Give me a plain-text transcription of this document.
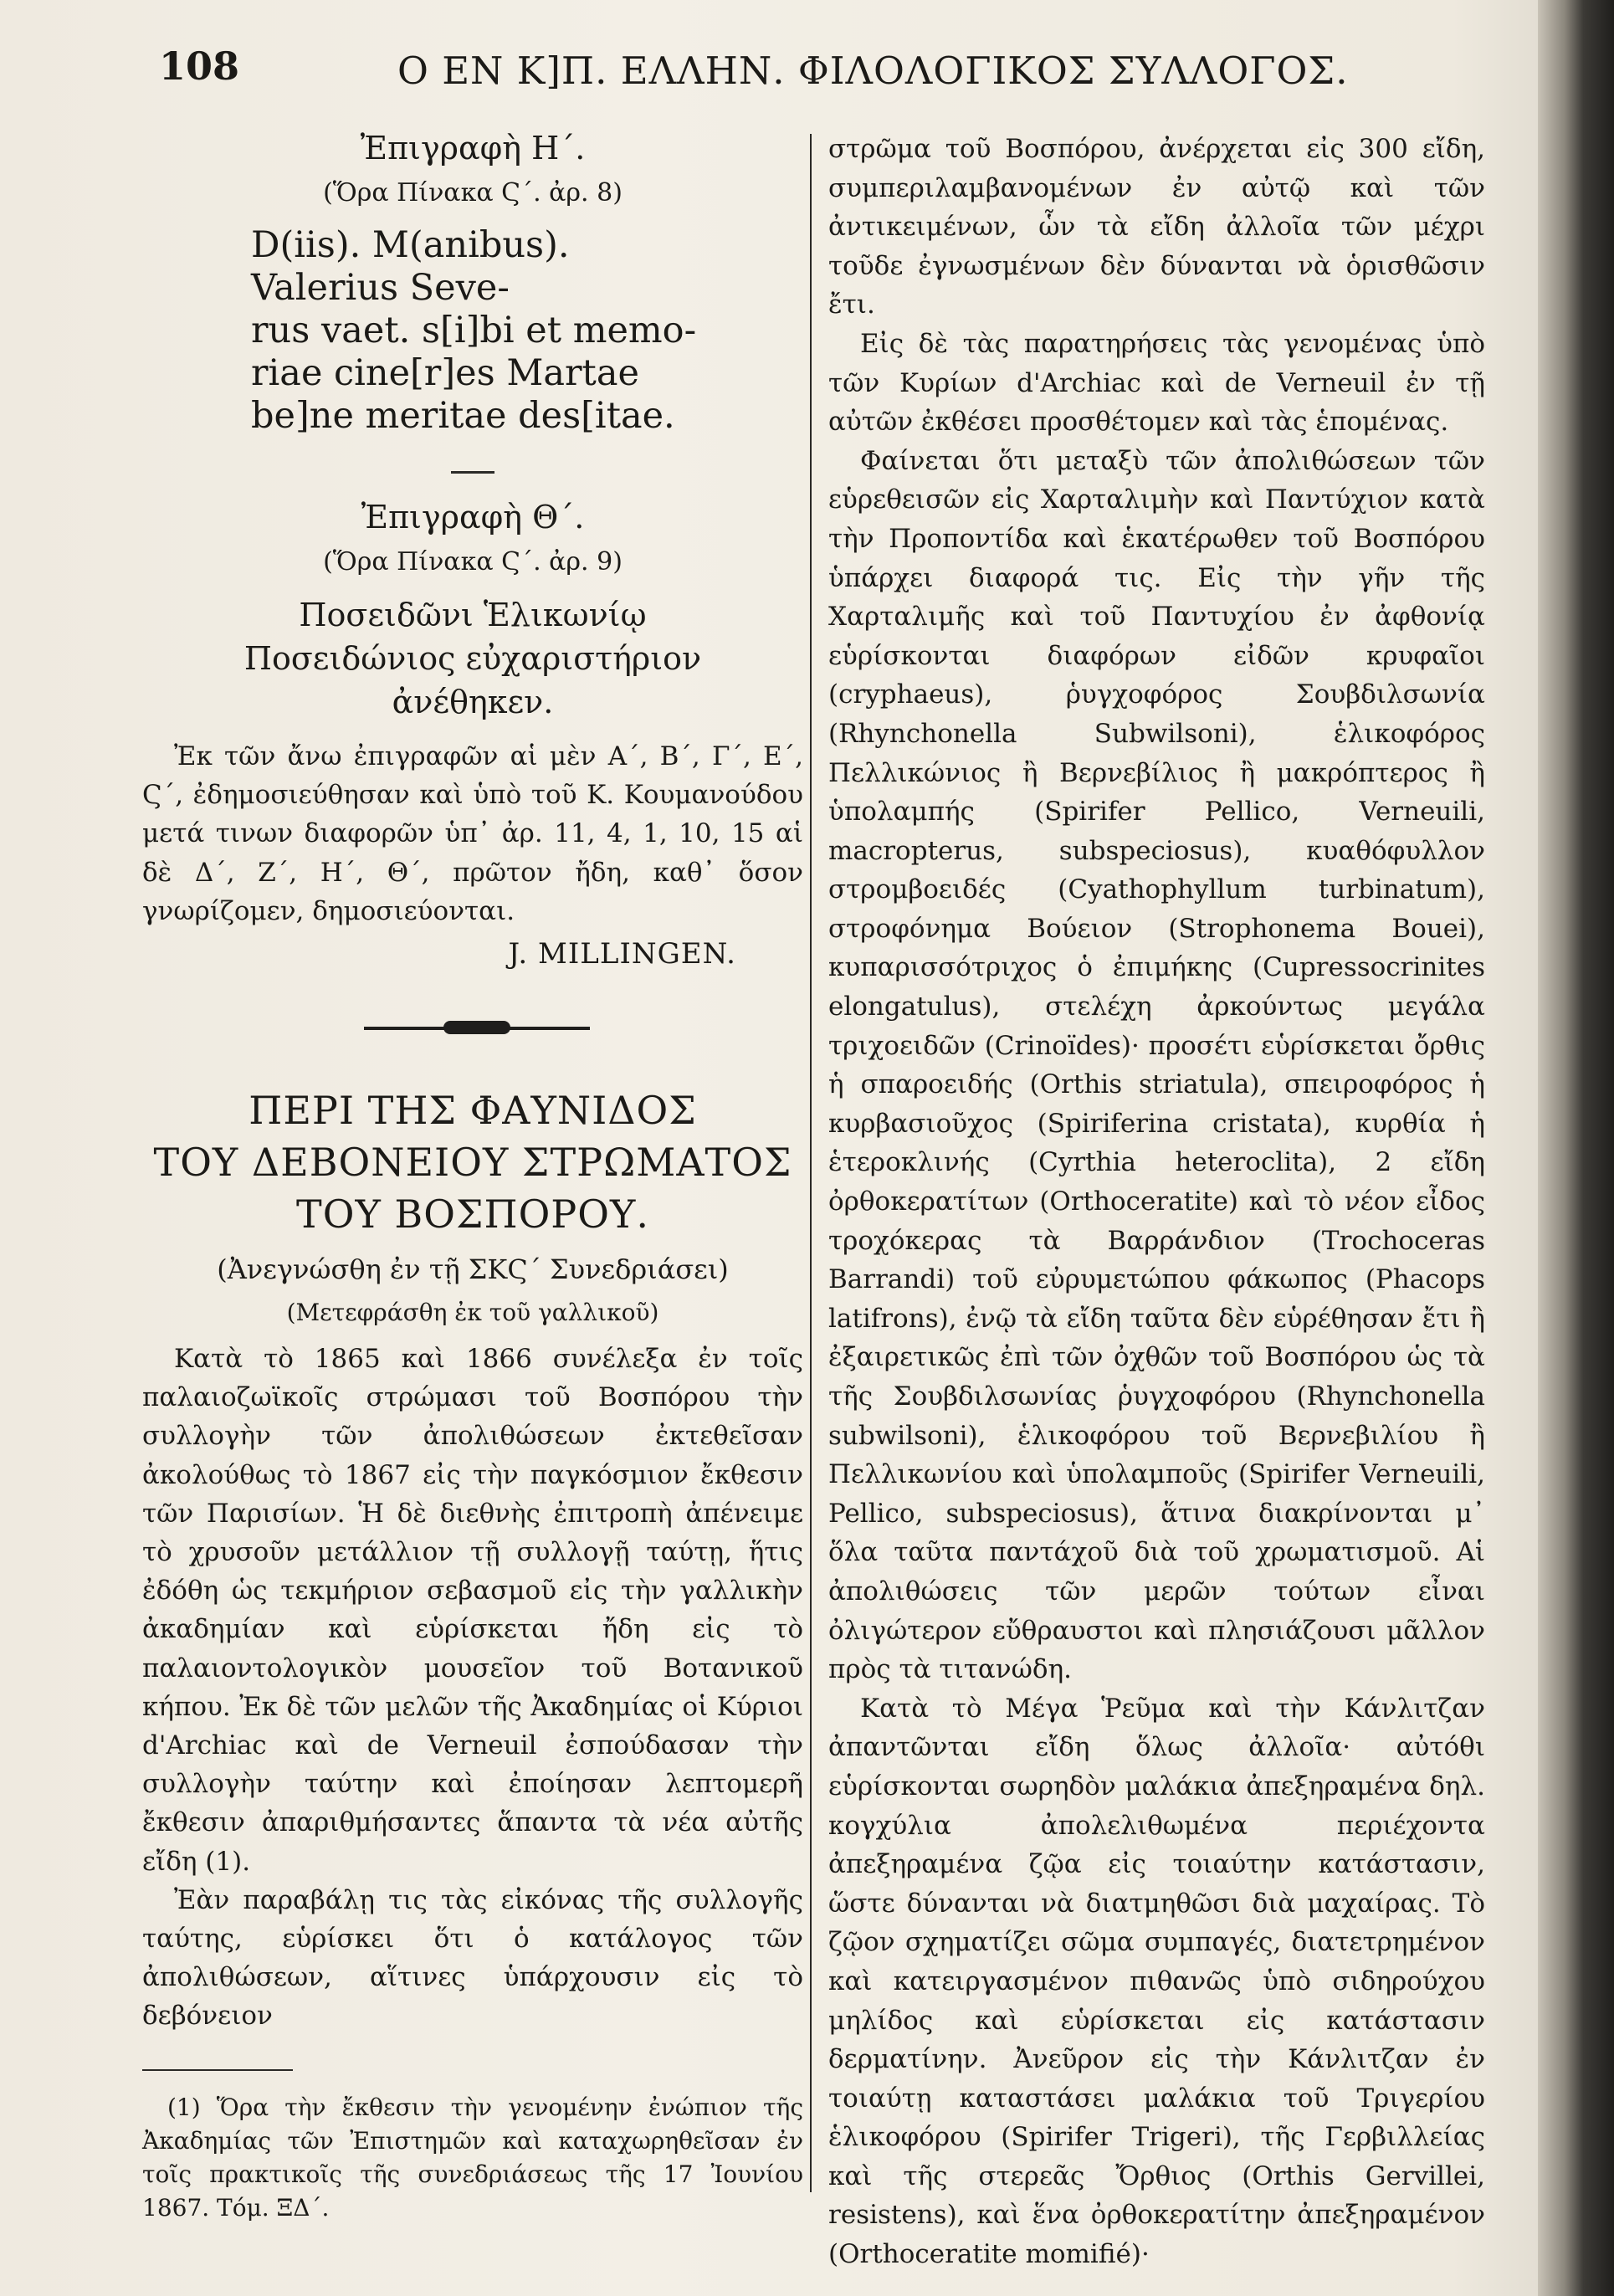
108	Ο ΕΝ Κ]Π. ΕΛΛΗΝ. ΦΙΛΟΛΟΓΙΚΟΣ ΣΥΛΛΟΓΟΣ.
Ἐπιγραφὴ Η΄.
(Ὅρα Πίνακα Ϛ΄. ἀρ. 8)
D(iis). M(anibus).
Valerius Seve-
rus vaet. s[i]bi et memo-
riae cine[r]es Martae
be]ne meritae des[itae.
Ἐπιγραφὴ Θ΄.
(Ὅρα Πίνακα Ϛ΄. ἀρ. 9)
Ποσειδῶνι Ἑλικωνίῳ
Ποσειδώνιος εὐχαριστήριον
ἀνέθηκεν.

Ἐκ τῶν ἄνω ἐπιγραφῶν αἱ μὲν Α΄, Β΄, Γ΄, Ε΄, Ϛ΄, ἐδημοσιεύθησαν καὶ ὑπὸ τοῦ Κ. Κουμανούδου μετά τινων διαφορῶν ὑπ᾽ ἀρ. 11, 4, 1, 10, 15 αἱ δὲ Δ΄, Ζ΄, Η΄, Θ΄, πρῶτον ἤδη, καθ᾽ ὅσον γνωρίζομεν, δημοσιεύονται.

J. MILLINGEN.
ΠΕΡΙ ΤΗΣ ΦΑΥΝΙΔΟΣ
ΤΟΥ ΔΕΒΟΝΕΙΟΥ ΣΤΡΩΜΑΤΟΣ
ΤΟΥ ΒΟΣΠΟΡΟΥ.
(Ἀνεγνώσθη ἐν τῇ ΣΚϚ΄ Συνεδριάσει)
(Μετεφράσθη ἐκ τοῦ γαλλικοῦ)

Κατὰ τὸ 1865 καὶ 1866 συνέλεξα ἐν τοῖς παλαιοζωϊκοῖς στρώμασι τοῦ Βοσπόρου τὴν συλλογὴν τῶν ἀπολιθώσεων ἐκτεθεῖσαν ἀκολούθως τὸ 1867 εἰς τὴν παγκόσμιον ἔκθεσιν τῶν Παρισίων. Ἡ δὲ διεθνὴς ἐπιτροπὴ ἀπένειμε τὸ χρυσοῦν μετάλλιον τῇ συλλογῇ ταύτῃ, ἥτις ἐδόθη ὡς τεκμήριον σεβασμοῦ εἰς τὴν γαλλικὴν ἀκαδημίαν καὶ εὑρίσκεται ἤδη εἰς τὸ παλαιοντολογικὸν μουσεῖον τοῦ Βοτανικοῦ κήπου. Ἐκ δὲ τῶν μελῶν τῆς Ἀκαδημίας οἱ Κύριοι d'Archiac καὶ de Verneuil ἐσπούδασαν τὴν συλλογὴν ταύτην καὶ ἐποίησαν λεπτομερῆ ἔκθεσιν ἀπαριθμήσαντες ἅπαντα τὰ νέα αὐτῆς εἴδη (1).

Ἐὰν παραβάλῃ τις τὰς εἰκόνας τῆς συλλογῆς ταύτης, εὑρίσκει ὅτι ὁ κατάλογος τῶν ἀπολιθώσεων, αἵτινες ὑπάρχουσιν εἰς τὸ δεβόνειον

(1) Ὅρα τὴν ἔκθεσιν τὴν γενομένην ἐνώπιον τῆς Ἀκαδημίας τῶν Ἐπιστημῶν καὶ καταχωρηθεῖσαν ἐν τοῖς πρακτικοῖς τῆς συνεδριάσεως τῆς 17 Ἰουνίου 1867. Τόμ. ΞΔ΄.

στρῶμα τοῦ Βοσπόρου, ἀνέρχεται εἰς 300 εἴδη, συμπεριλαμβανομένων ἐν αὐτῷ καὶ τῶν ἀντικειμένων, ὧν τὰ εἴδη ἀλλοῖα τῶν μέχρι τοῦδε ἐγνωσμένων δὲν δύνανται νὰ ὁρισθῶσιν ἔτι.

Εἰς δὲ τὰς παρατηρήσεις τὰς γενομένας ὑπὸ τῶν Κυρίων d'Archiac καὶ de Verneuil ἐν τῇ αὐτῶν ἐκθέσει προσθέτομεν καὶ τὰς ἑπομένας.

Φαίνεται ὅτι μεταξὺ τῶν ἀπολιθώσεων τῶν εὑρεθεισῶν εἰς Χαρταλιμὴν καὶ Παντύχιον κατὰ τὴν Προποντίδα καὶ ἑκατέρωθεν τοῦ Βοσπόρου ὑπάρχει διαφορά τις. Εἰς τὴν γῆν τῆς Χαρταλιμῆς καὶ τοῦ Παντυχίου ἐν ἀφθονίᾳ εὑρίσκονται διαφόρων εἰδῶν κρυφαῖοι (cryphaeus), ῥυγχοφόρος Σουβδιλσωνία (Rhynchonella Subwilsoni), ἑλικοφόρος Πελλικώνιος ἢ Βερνεβίλιος ἢ μακρόπτερος ἢ ὑπολαμπής (Spirifer Pellico, Verneuili, macropterus, subspeciosus), κυαθόφυλλον στρομβοειδές (Cyathophyllum turbinatum), στροφόνημα Βούειον (Strophonema Bouei), κυπαρισσότριχος ὁ ἐπιμήκης (Cupressocrinites elongatulus), στελέχη ἀρκούντως μεγάλα τριχοειδῶν (Crinoïdes)· προσέτι εὑρίσκεται ὄρθις ἡ σπαροειδής (Orthis striatula), σπειροφόρος ἡ κυρβασιοῦχος (Spiriferina cristata), κυρθία ἡ ἑτεροκλινής (Cyrthia heteroclita), 2 εἴδη ὀρθοκερατίτων (Orthoceratite) καὶ τὸ νέον εἶδος τροχόκερας τὰ Βαρράνδιον (Trochoceras Barrandi) τοῦ εὐρυμετώπου φάκωπος (Phacops latifrons), ἐνῷ τὰ εἴδη ταῦτα δὲν εὑρέθησαν ἔτι ἢ ἐξαιρετικῶς ἐπὶ τῶν ὀχθῶν τοῦ Βοσπόρου ὡς τὰ τῆς Σουβδιλσωνίας ῥυγχοφόρου (Rhynchonella subwilsoni), ἑλικοφόρου τοῦ Βερνεβιλίου ἢ Πελλικωνίου καὶ ὑπολαμποῦς (Spirifer Verneuili, Pellico, subspeciosus), ἅτινα διακρίνονται μ᾽ ὅλα ταῦτα παντάχοῦ διὰ τοῦ χρωματισμοῦ. Αἱ ἀπολιθώσεις τῶν μερῶν τούτων εἶναι ὀλιγώτερον εὔθραυστοι καὶ πλησιάζουσι μᾶλλον πρὸς τὰ τιτανώδη.

Κατὰ τὸ Μέγα Ῥεῦμα καὶ τὴν Κάνλιτζαν ἀπαντῶνται εἴδη ὅλως ἀλλοῖα· αὐτόθι εὑρίσκονται σωρηδὸν μαλάκια ἀπεξηραμένα δηλ. κογχύλια ἀπολελιθωμένα περιέχοντα ἀπεξηραμένα ζῷα εἰς τοιαύτην κατάστασιν, ὥστε δύνανται νὰ διατμηθῶσι διὰ μαχαίρας. Τὸ ζῷον σχηματίζει σῶμα συμπαγές, διατετρημένον καὶ κατειργασμένον πιθανῶς ὑπὸ σιδηρούχου μηλίδος καὶ εὑρίσκεται εἰς κατάστασιν δερματίνην. Ἀνεῦρον εἰς τὴν Κάνλιτζαν ἐν τοιαύτῃ καταστάσει μαλάκια τοῦ Τριγερίου ἑλικοφόρου (Spirifer Trigeri), τῆς Γερβιλλείας καὶ τῆς στερεᾶς Ὄρθιος (Orthis Gervillei, resistens), καὶ ἕνα ὀρθοκερατίτην ἀπεξηραμένον (Orthoceratite momifié)·
